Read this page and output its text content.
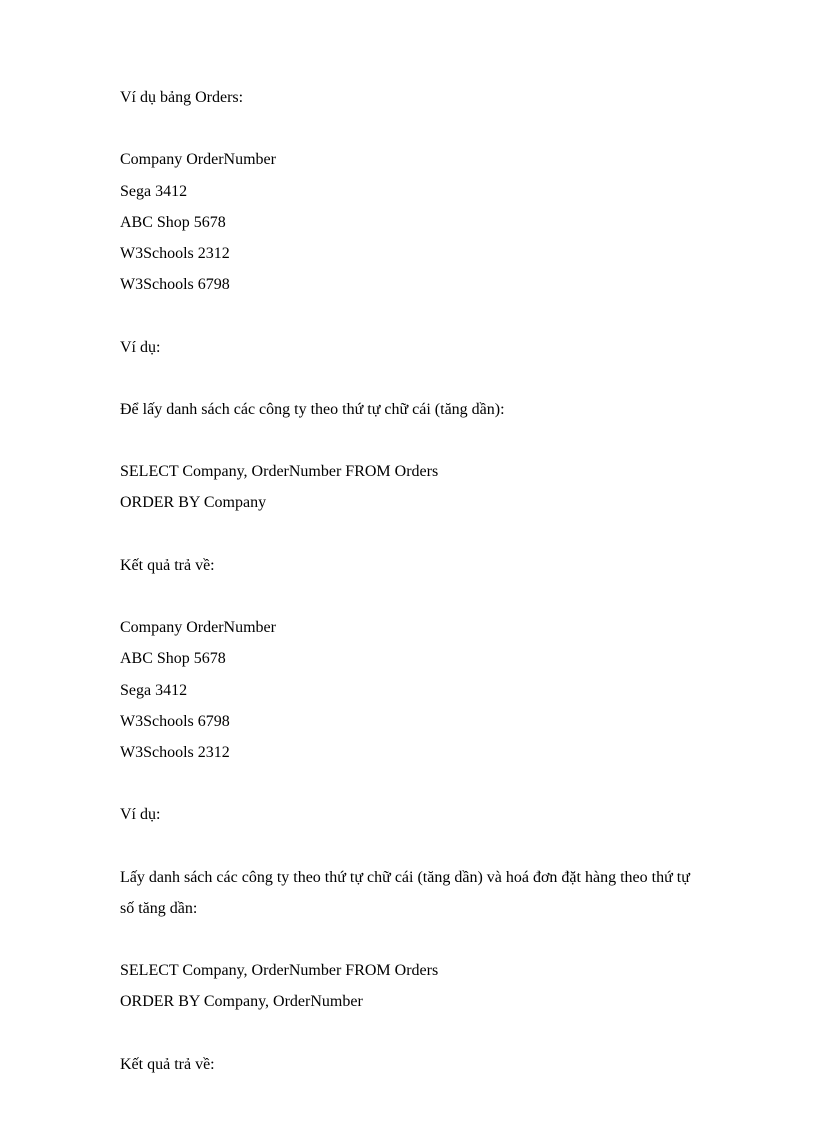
Ví dụ bảng Orders:
Company OrderNumber
Sega 3412
ABC Shop 5678
W3Schools 2312
W3Schools 6798
Ví dụ:
Để lấy danh sách các công ty theo thứ tự chữ cái (tăng dần):
SELECT Company, OrderNumber FROM Orders
ORDER BY Company
Kết quả trả về:
Company OrderNumber
ABC Shop 5678
Sega 3412
W3Schools 6798
W3Schools 2312
Ví dụ:
Lấy danh sách các công ty theo thứ tự chữ cái (tăng dần) và hoá đơn đặt hàng theo thứ tự
số tăng dần:
SELECT Company, OrderNumber FROM Orders
ORDER BY Company, OrderNumber
Kết quả trả về:
